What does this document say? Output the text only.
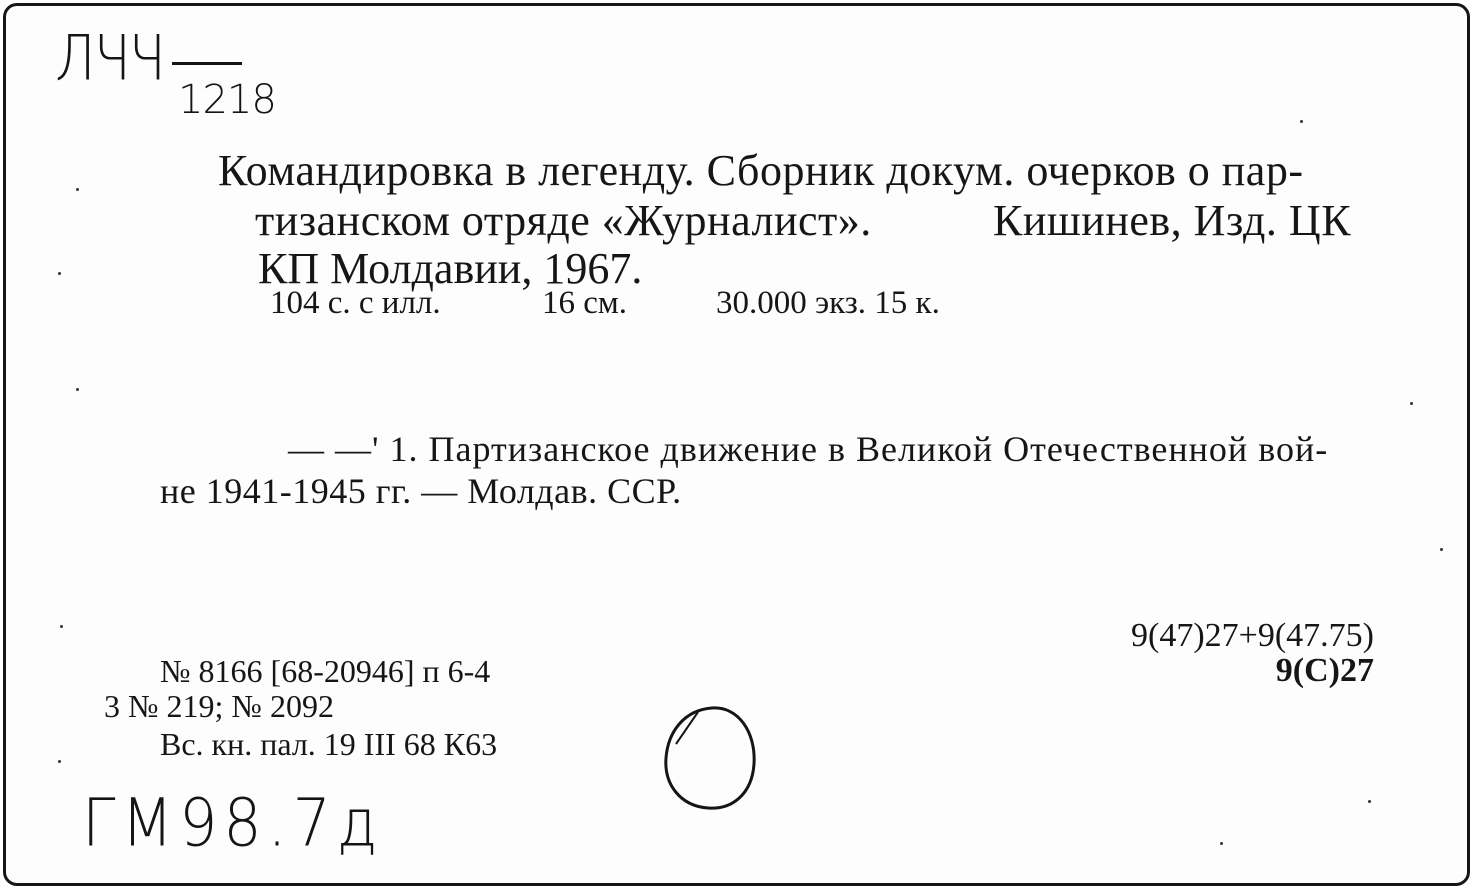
ЛЧЧ
1218
Командировка в легенду. Сборник докум. очерков о пар-
тизанском отряде «Журналист».	Кишинев, Изд. ЦК
КП Молдавии, 1967.
104 с. с илл.	16 см.	30.000 экз. 15 к.
— —' 1. Партизанское движение в Великой Отечественной вой-
не 1941-1945 гг. — Молдав. ССР.
9(47)27+9(47.75)
9(С)27
№ 8166 [68-20946] п 6-4
3 № 219; № 2092
Вс. кн. пал. 19 III 68 К63
ГМ98.7д
